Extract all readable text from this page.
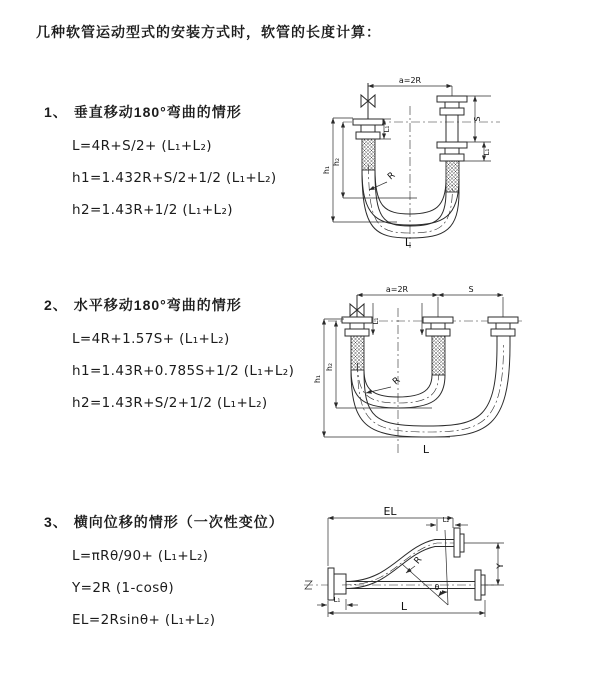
几种软管运动型式的安装方式时，软管的长度计算：
1、 垂直移动180°弯曲的情形
L=4R+S/2+ (L₁+L₂)
h1=1.432R+S/2+1/2 (L₁+L₂)
h2=1.43R+1/2 (L₁+L₂)
2、 水平移动180°弯曲的情形
L=4R+1.57S+ (L₁+L₂)
h1=1.43R+0.785S+1/2 (L₁+L₂)
h2=1.43R+S/2+1/2 (L₁+L₂)
3、 横向位移的情形（一次性变位）
L=πRθ/90+ (L₁+L₂)
Y=2R (1-cosθ)
EL=2Rsinθ+ (L₁+L₂)
a=2R
L₁
S
L₁
h₁
h₂
R
L
a=2R	S
L₁
h₁
h₂
R
L
EL
L₂
R
θ
Y
L
L₁
